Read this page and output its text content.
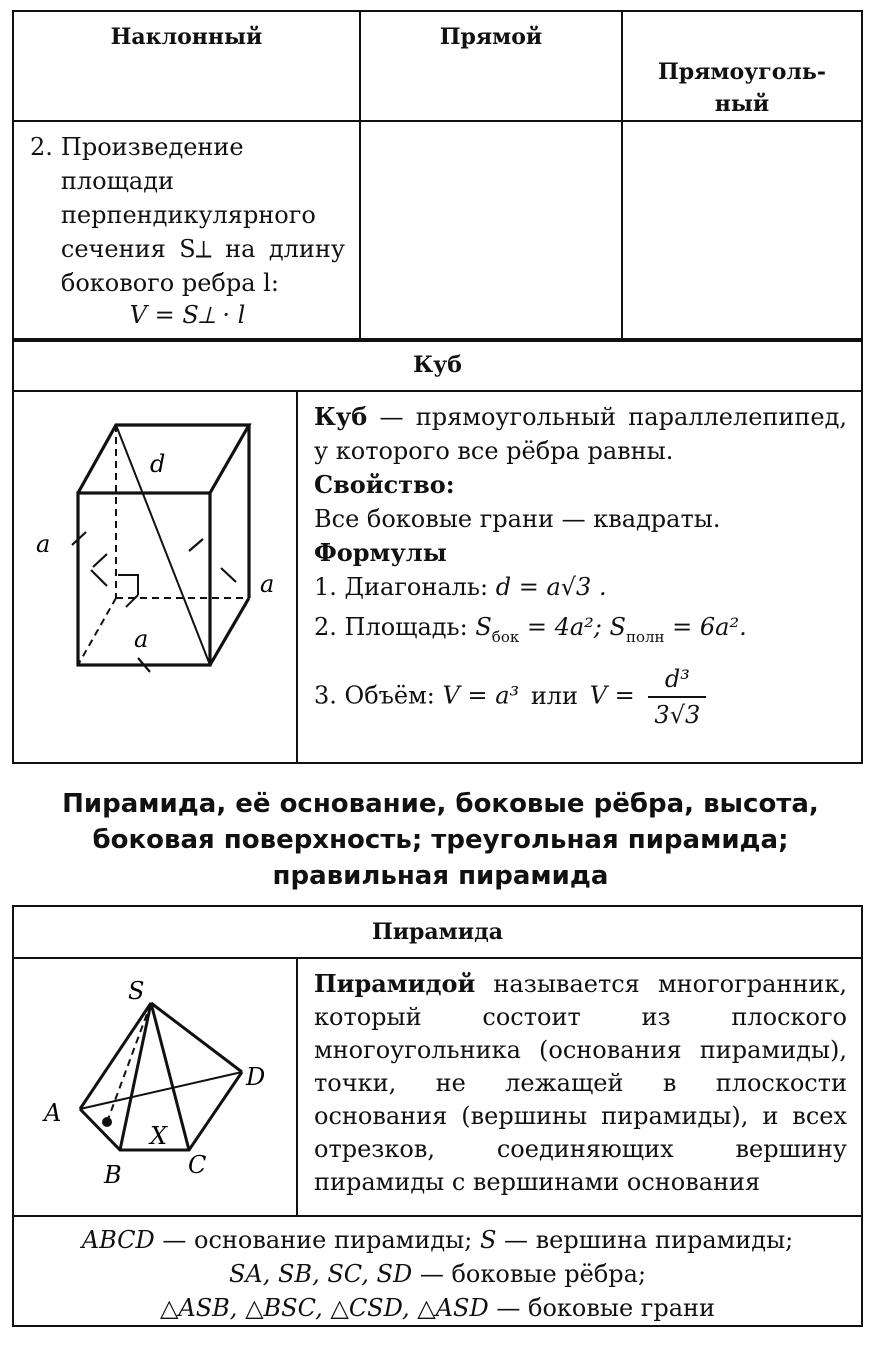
Наклонный	Прямой	Прямоуголь-
ный

2. Произведение площади перпендикулярного сечения S⟂ на длину бокового ребра l:
V = S⟂ · l		

Куб

d
a
a
a

Куб — прямоугольный параллелепипед, у которого все рёбра равны.
Свойство:
Все боковые грани — квадраты.
Формулы
1. Диагональ: d = a√3 .
2. Площадь: $S_{бок} = 4a^2$; $S_{полн} = 6a^2$.
3. Объём: V = a³ или $V = \frac{\text{d³}}{3√3}$
Пирамида, её основание, боковые рёбра, высота,
боковая поверхность; треугольная пирамида;
правильная пирамида
Пирамида

S
A
B	C
D
X

Пирамидой называется многогранник, который состоит из плоского многоугольника (основания пирамиды), точки, не лежащей в плоскости основания (вершины пирамиды), и всех отрезков, соединяющих вершину пирамиды с вершинами основания

ABCD — основание пирамиды; S — вершина пирамиды;
SA, SB, SC, SD — боковые рёбра;
△ASB, △BSC, △CSD, △ASD — боковые грани
